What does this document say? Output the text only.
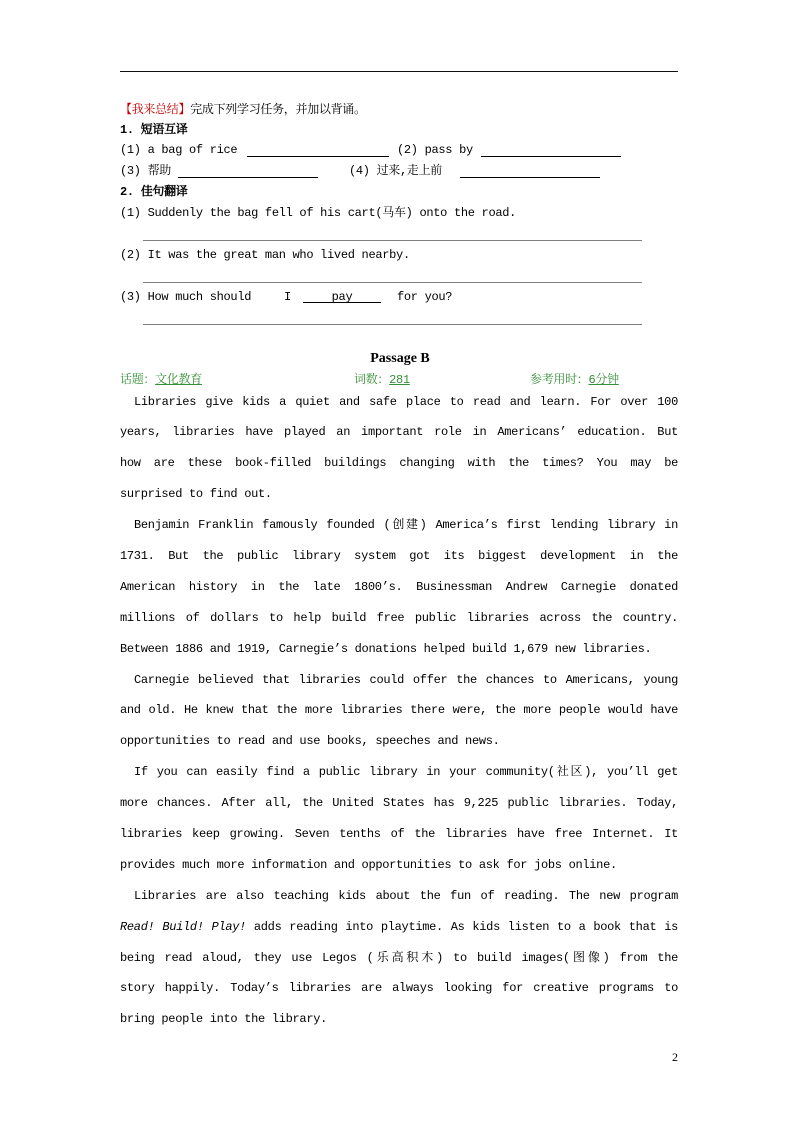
【我来总结】完成下列学习任务，并加以背诵。
1. 短语互译
(1) a bag of rice	(2) pass by
(3) 帮助	(4) 过来,走上前
2. 佳句翻译
(1) Suddenly the bag fell of his cart(马车) onto the road.
(2) It was the great man who lived nearby.
(3) How much should	I	pay	for you?
Passage B
话题：文化教育	词数：281	参考用时：6分钟
Libraries give kids a quiet and safe place to read and learn. For over 100
years, libraries have played an important role in Americans’ education. But
how are these book-filled buildings changing with the times? You may be
surprised to find out.
Benjamin Franklin famously founded (创建) America’s first lending library in
1731. But the public library system got its biggest development in the
American history in the late 1800’s. Businessman Andrew Carnegie donated
millions of dollars to help build free public libraries across the country.
Between 1886 and 1919, Carnegie’s donations helped build 1,679 new libraries.
Carnegie believed that libraries could offer the chances to Americans, young
and old. He knew that the more libraries there were, the more people would have
opportunities to read and use books, speeches and news.
If you can easily find a public library in your community(社区), you’ll get
more chances. After all, the United States has 9,225 public libraries. Today,
libraries keep growing. Seven tenths of the libraries have free Internet. It
provides much more information and opportunities to ask for jobs online.
Libraries are also teaching kids about the fun of reading. The new program
Read! Build! Play! adds reading into playtime. As kids listen to a book that is
being read aloud, they use Legos (乐高积木) to build images(图像) from the
story happily. Today’s libraries are always looking for creative programs to
bring people into the library.
2
